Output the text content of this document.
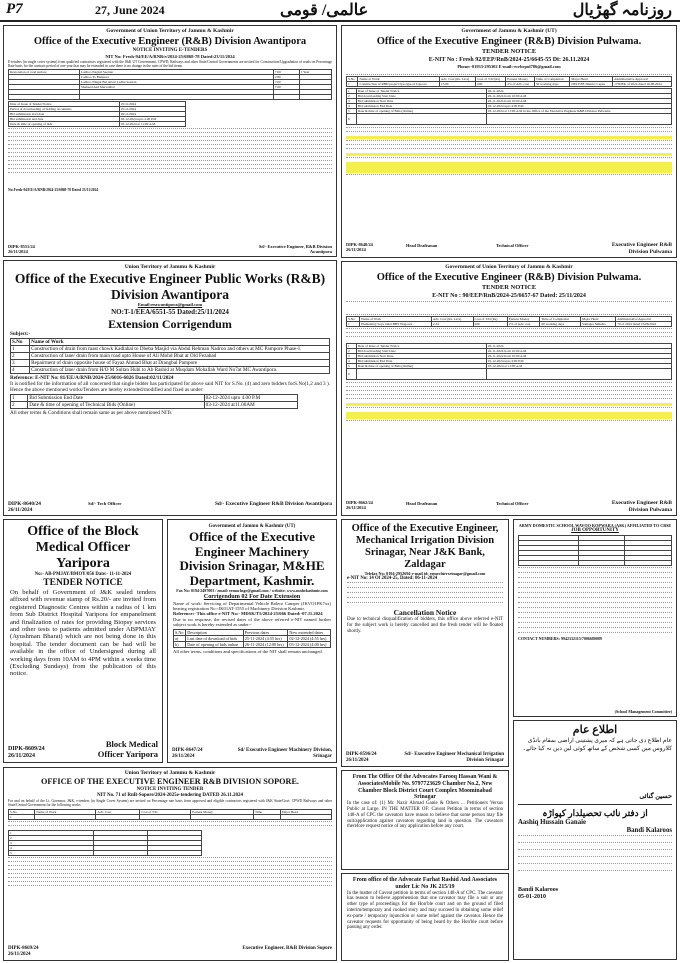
P7	27, June 2024	عالمی/ قومی	روزنامہ گھڑیال
Government of Union Territory of Jammu & Kashmir
Office of the Executive Engineer (R&B) Division Awantipora
NOTICE INVITING E-TENDERS
NIT No: Fresh-94/EE/A/RNB/e/2024-25/6868-78 Dated:23/11/2024
E-tenders (in single cover system) from qualified contractors registered with the J&K UT Government, CPWD, Railways and other State/Central Governments are invited for Construction/Upgradation of roads on Percentage Rate basis for the contract period of one year that may be extended in case there is no change in the rates of the bid items.
Restoration of road surface	Ladhoo Nagbal Seerian	7.00	1 Year
	Ladhoo To Bampora	2.80	
	Ladhoo Ningal Bal Alwat Ladhu Seerian	7.00	
	Shaheed And Marwalbal	7.00	

Date of Issue of Tender Notice	25/11/2024
Period of downloading of bidding documents	25/11/2024
Bid submission start date	26/11/2024
Bid submission end date	02-12-2024 upto 4.00 P.M
Date & time of opening of bids	03-12-2024 at 11:00 A.M
No:Fresh-94/EE/A/RNB/2024-25/6868-78 Dated 23/11/2024
DIPK-8551/24
26/11/2024
Sd/- Executive Engineer, R&B Division Awantipora
Government of Jammu & Kashmir (UT)
Office of the Executive Engineer (R&B) Division Pulwama.
TENDER NOTICE
E-NIT No : Fresh 92/EEP/RnB/2024-25/6645-55 Dt: 26.11.2024
Phone:-01933-295302 E-mail:-ecrbrpul786@gmail.com
S.No	Name of Work	Adv. Cost (Rs. Lacs)	Cost of T/D (Rs)	Earnest Money	Time of Completion	Major Head	Administrative Approval
1	Construction of RBD project bye-type of Lajoora	15.00	600	2% of Adv. cost	30 working days	DELF.EE District Capex	175DEK of 2024 dated 10.08.2024
1	Date of Issue of Tender Notice	26-11-2024
2	Bid downloading Start Date	26-11-2024 from 10:00 A.M
3	Bid submission Start Date	26-11-2024 from 10:00 A.M
4	Bid submission End Date	02-12-2024 upto 4:00 P.M
5	Date & time of opening of Bids (Online)	03-12-2024 at 11:00 A.M in the Office of the Executive Engineer R&B Division Pulwama
6		
DIPK-8648/24
26/11/2024
Head Draftsman	Technical Officer	Executive Engineer R&B Division Pulwama
Union Territory of Jammu & Kashmir
Office of the Executive Engineer Public Works (R&B) Division Awantipora
Email:eeawantipora@gmail.com
NO:T-1/EEA/6551-55 Dated:25/11/2024
Extension Corrigendum
Subject:-
S.No	Name of Work
1	Construction of drain from mast chowk Kadlabal to Dheba Masjid via Abdul Rehman Nadroo and others at MC Pampore Phase-I.
2	Construction of lane/ drain from main road upto House of Ali Mohd Bhat at Old Fezabad
3	Repairment of drain opposite house of Fayaz Ahmad Bhat at Drangbal Pampore
4	Construction of lane/ drain from H/O M Sultan Hubi to Ab Rashid at Muqdam Mohallah Ward No7at MC Awantipora.
Reference: E-NIT No: 81/EE/A/RNB/2024-25/6016-6026 Dated:02/11/2024
It is notified for the information of all concerned that single bidder has participated for above said NIT for S.No. (4) and zero bidders forS.No(1,2 and 3 ). Hence the above mentioned works/Tenders are hereby extended/modified and fixed as under:
1	Bid Submission End Date	02-12-2024 upto 4.00 P.M
2	Date & time of opening of Technical Bids (Online)	03-12-2024 at11.00AM
All other terms & Conditions shall remain same as per above mentioned NITs
DIPK-8640/24
26/11/2024
Sd/- Tech Officer	Sd/- Executive Engineer R&B Division Awantipora
Government of Union Territory of Jammu & Kashmir
Office of the Executive Engineer (R&B) Division Pulwama.
TENDER NOTICE
E-NIT No : 90/EEP/RnB/2024-25/6657-67 Dated: 25/11/2024
S.No	Name of Work	Adv. Cost (Rs. Lacs)	Cost of T/D (Rs)	Earnest Money	Time of Completion	Major Head	Administrative Approval
1	Elementary boys toilet BHS Wagoora	2.34	200	2% of Adv. cost	60 working days	Samagra Shiksha	79 of 2024 dated 16.08.2024
1	Date of Issue of Tender Notice	26-11-2024
2	Bid downloading Start Date	26-11-2024 from 10:00 A.M
3	Bid submission Start Date	26-11-2024 from 10:00 A.M
4	Bid submission End Date	02-12-2024 upto 4:00 P.M
5	Date & time of opening of Bids (Online)	03-12-2024 at 11:00 A.M
6		
DIPK-8662/24
26/11/2024
Head Draftsman	Technical Officer	Executive Engineer R&B Division Pulwama
Office of the Block Medical Officer Yaripora
No:- AB-PMJAY/BMOY/056 Date:- 11-11-2024
TENDER NOTICE
On behalf of Government of J&K sealed tenders affixed with revenue stamp of Rs.20/- are invited from registered Diagnostic Centres within a radius of 1 km from Sub District Hospital Yaripora for empanelment and finalization of rates for providing Biopsy services and other tests to patients admitted under ABPMJAY (Ayushman Bharat) which are not being done in this hospital. The tender document can be had will be available in the office of Undersigned during all working days from 10AM to 4PM within a weeks time (Excluding Sundays) from the publication of this notice.
DIPK-8609/24
26/11/2024
Block Medical Officer Yaripora
Government of Jammu & Kashmir (UT)
Office of the Executive Engineer Machinery Division Srinagar, M&HE Department, Kashmir.
Fax No: 0194-2497003 / email: eemachsgr@gmail.com / website: www.mnhekashmir.com
Corrigendum 02 For Date Extension
Name of work: Servicing of Departmental Vehicle Bolero Camper (JKVO1PK7xx) bearing registration No:-JK01AT-1555 of Machinery Division Kashmir.
Reference:- This office e-NIT No:- MDSK/T5/2024-25/666 Dated:-07.11.2024
Due to no response, the revised dates of the above referred e-NIT named further subject work is hereby extended as under:-
S.No	Description	Previous dates	New extended dates
a)	Last date of download of bids	25-11-2024 (4:55 hrs)	02-12-2024 (4:55 hrs)
b)	Date of opening of bids online	26-11-2024 (12:00 hrs)	03-12-2024 (4:00 hrs)
All other terms, conditions and specifications of the NIT shall remain unchanged.
DIPK-8647/24
26/11/2024
Sd/ Executive Engineer Machinery Division, Srinagar
Office of the Executive Engineer, Mechanical Irrigation Division Srinagar, Near J&K Bank, Zaldagar
Telefax No: 0194-2952694 e-mail id: eemechirrsrinagar@gmail.com
e-NIT No: 14 Of 2024-25, Dated: 06-11-2024
Cancellation Notice
Due to technical disqualification of bidders, this office above referred e-NIT for the subject work is hereby cancelled and the fresh tender will be floated shortly.
DIPK-8596/24
26/11/2024
Sd/- Executive Engineer Mechanical Irrigation Division Srinagar
ARMY DOMESTIC SCHOOL WAVOO KOPWARA (ASK) AFFILIATED TO CBSE
JOB OPPORTUNITY

CONTACT NUMBERS: 9942332115/7006680089
(School Management Committee)
اطلاع عام
عام اطلاع دی جاتی ہے کہ میری پشتینی اراضی بمقام بانڈی کلاروس میں کسی شخص کے ساتھ کوئی لین دین نہ کیا جائے۔
حسین گنائی
از دفتر نائب تحصیلدار کپواڑہ
Aashiq Hussain Ganaie
Bandi Kalaroos
Bandi Kalaroos
05-01-2010
Union Territory of Jammu & Kashmir
OFFICE OF THE EXECUTIVE ENGINEER R&B DIVISION SOPORE.
NOTICE INVITING TENDER
NIT No. 71 of RnB-Sopore/2024-2025e-tendering DATED 26.11.2024
For and on behalf of the Lt. Governor, J&K, e-tenders (in Single Cover System) are invited on Percentage rate basis from approved and eligible contractors registered with J&K State/Govt. CPWD Railways and other State/Central Government for the following works
S.No	Name of Work	Adv. Cost	Cost of T/D	Earnest Money	Time	Major Head
1						
1		
2		
3		
4		
5		
DIPK-8669/24
26/11/2024
Executive Engineer, R&B Division Sopore
From The Office Of the Advocates Farooq Hassan Wani & AssociatesMobile No. 9797723629 Chamber No.2, New Chamber Block District Court Complex Moominabad Srinagar
In the case of: (1) Mr. Nazir Ahmad Ganie & Others ... Petitioners Versus Public at Large. IN THE MATTER OF: Caveat Petition in terms of section 148-A of CPC the caveators have reason to believe that some person may file suit/application against caveators regarding land in question. The caveators therefore request notice of any application before any court.
From office of the Advocate Farhat Rashid And Associates under Lic No JK 215/19
In the matter of Caveat petition in terms of section 148-A of CPC. The caveator has reason to believe apprehension that one caveator may file a suit or any other type of proceedings for the Hon'ble court and on the ground of filed interim/temporary and cooked story and may succeed in obtaining some relief ex-parte / temporary injunction or some relief against the caveator. Hence the caveator requests for opportunity of being heard by the Hon'ble court before passing any order.
